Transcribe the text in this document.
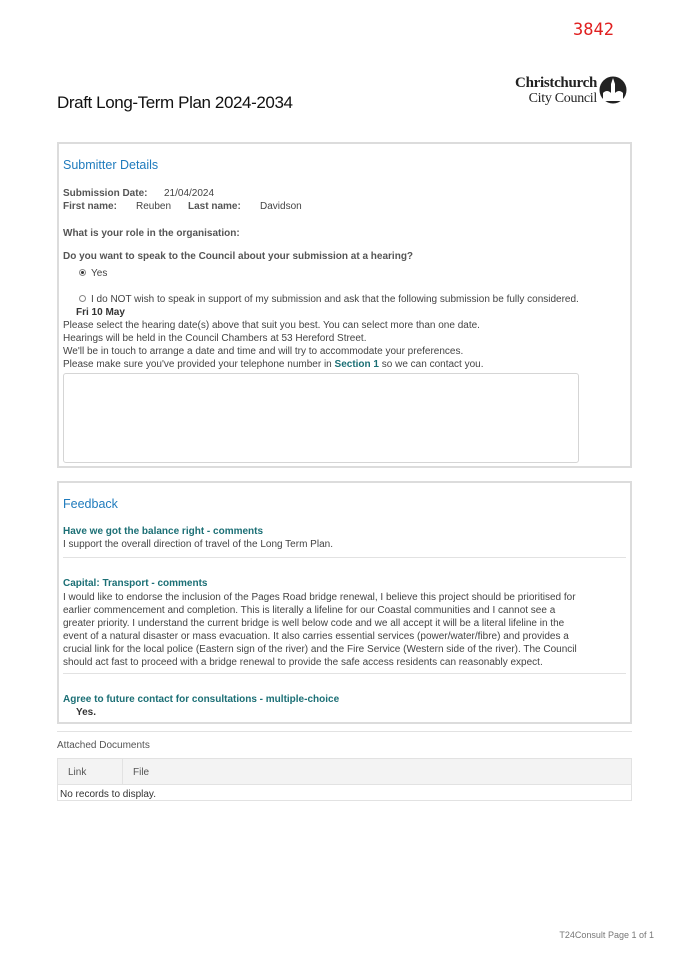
3842
Draft Long-Term Plan 2024-2034
Christchurch
City Council
Submitter Details
Submission Date: 21/04/2024
First name: Reuben Last name: Davidson
What is your role in the organisation:
Do you want to speak to the Council about your submission at a hearing?
Yes
I do NOT wish to speak in support of my submission and ask that the following submission be fully considered.
Fri 10 May
Please select the hearing date(s) above that suit you best. You can select more than one date.
Hearings will be held in the Council Chambers at 53 Hereford Street.
We'll be in touch to arrange a date and time and will try to accommodate your preferences.
Please make sure you've provided your telephone number in Section 1 so we can contact you.
Feedback
Have we got the balance right - comments
I support the overall direction of travel of the Long Term Plan.
Capital: Transport - comments
I would like to endorse the inclusion of the Pages Road bridge renewal, I believe this project should be prioritised for
earlier commencement and completion. This is literally a lifeline for our Coastal communities and I cannot see a
greater priority. I understand the current bridge is well below code and we all accept it will be a literal lifeline in the
event of a natural disaster or mass evacuation. It also carries essential services (power/water/fibre) and provides a
crucial link for the local police (Eastern sign of the river) and the Fire Service (Western side of the river). The Council
should act fast to proceed with a bridge renewal to provide the safe access residents can reasonably expect.
Agree to future contact for consultations - multiple-choice
Yes.
Attached Documents
Link	File
No records to display.
T24Consult Page 1 of 1
